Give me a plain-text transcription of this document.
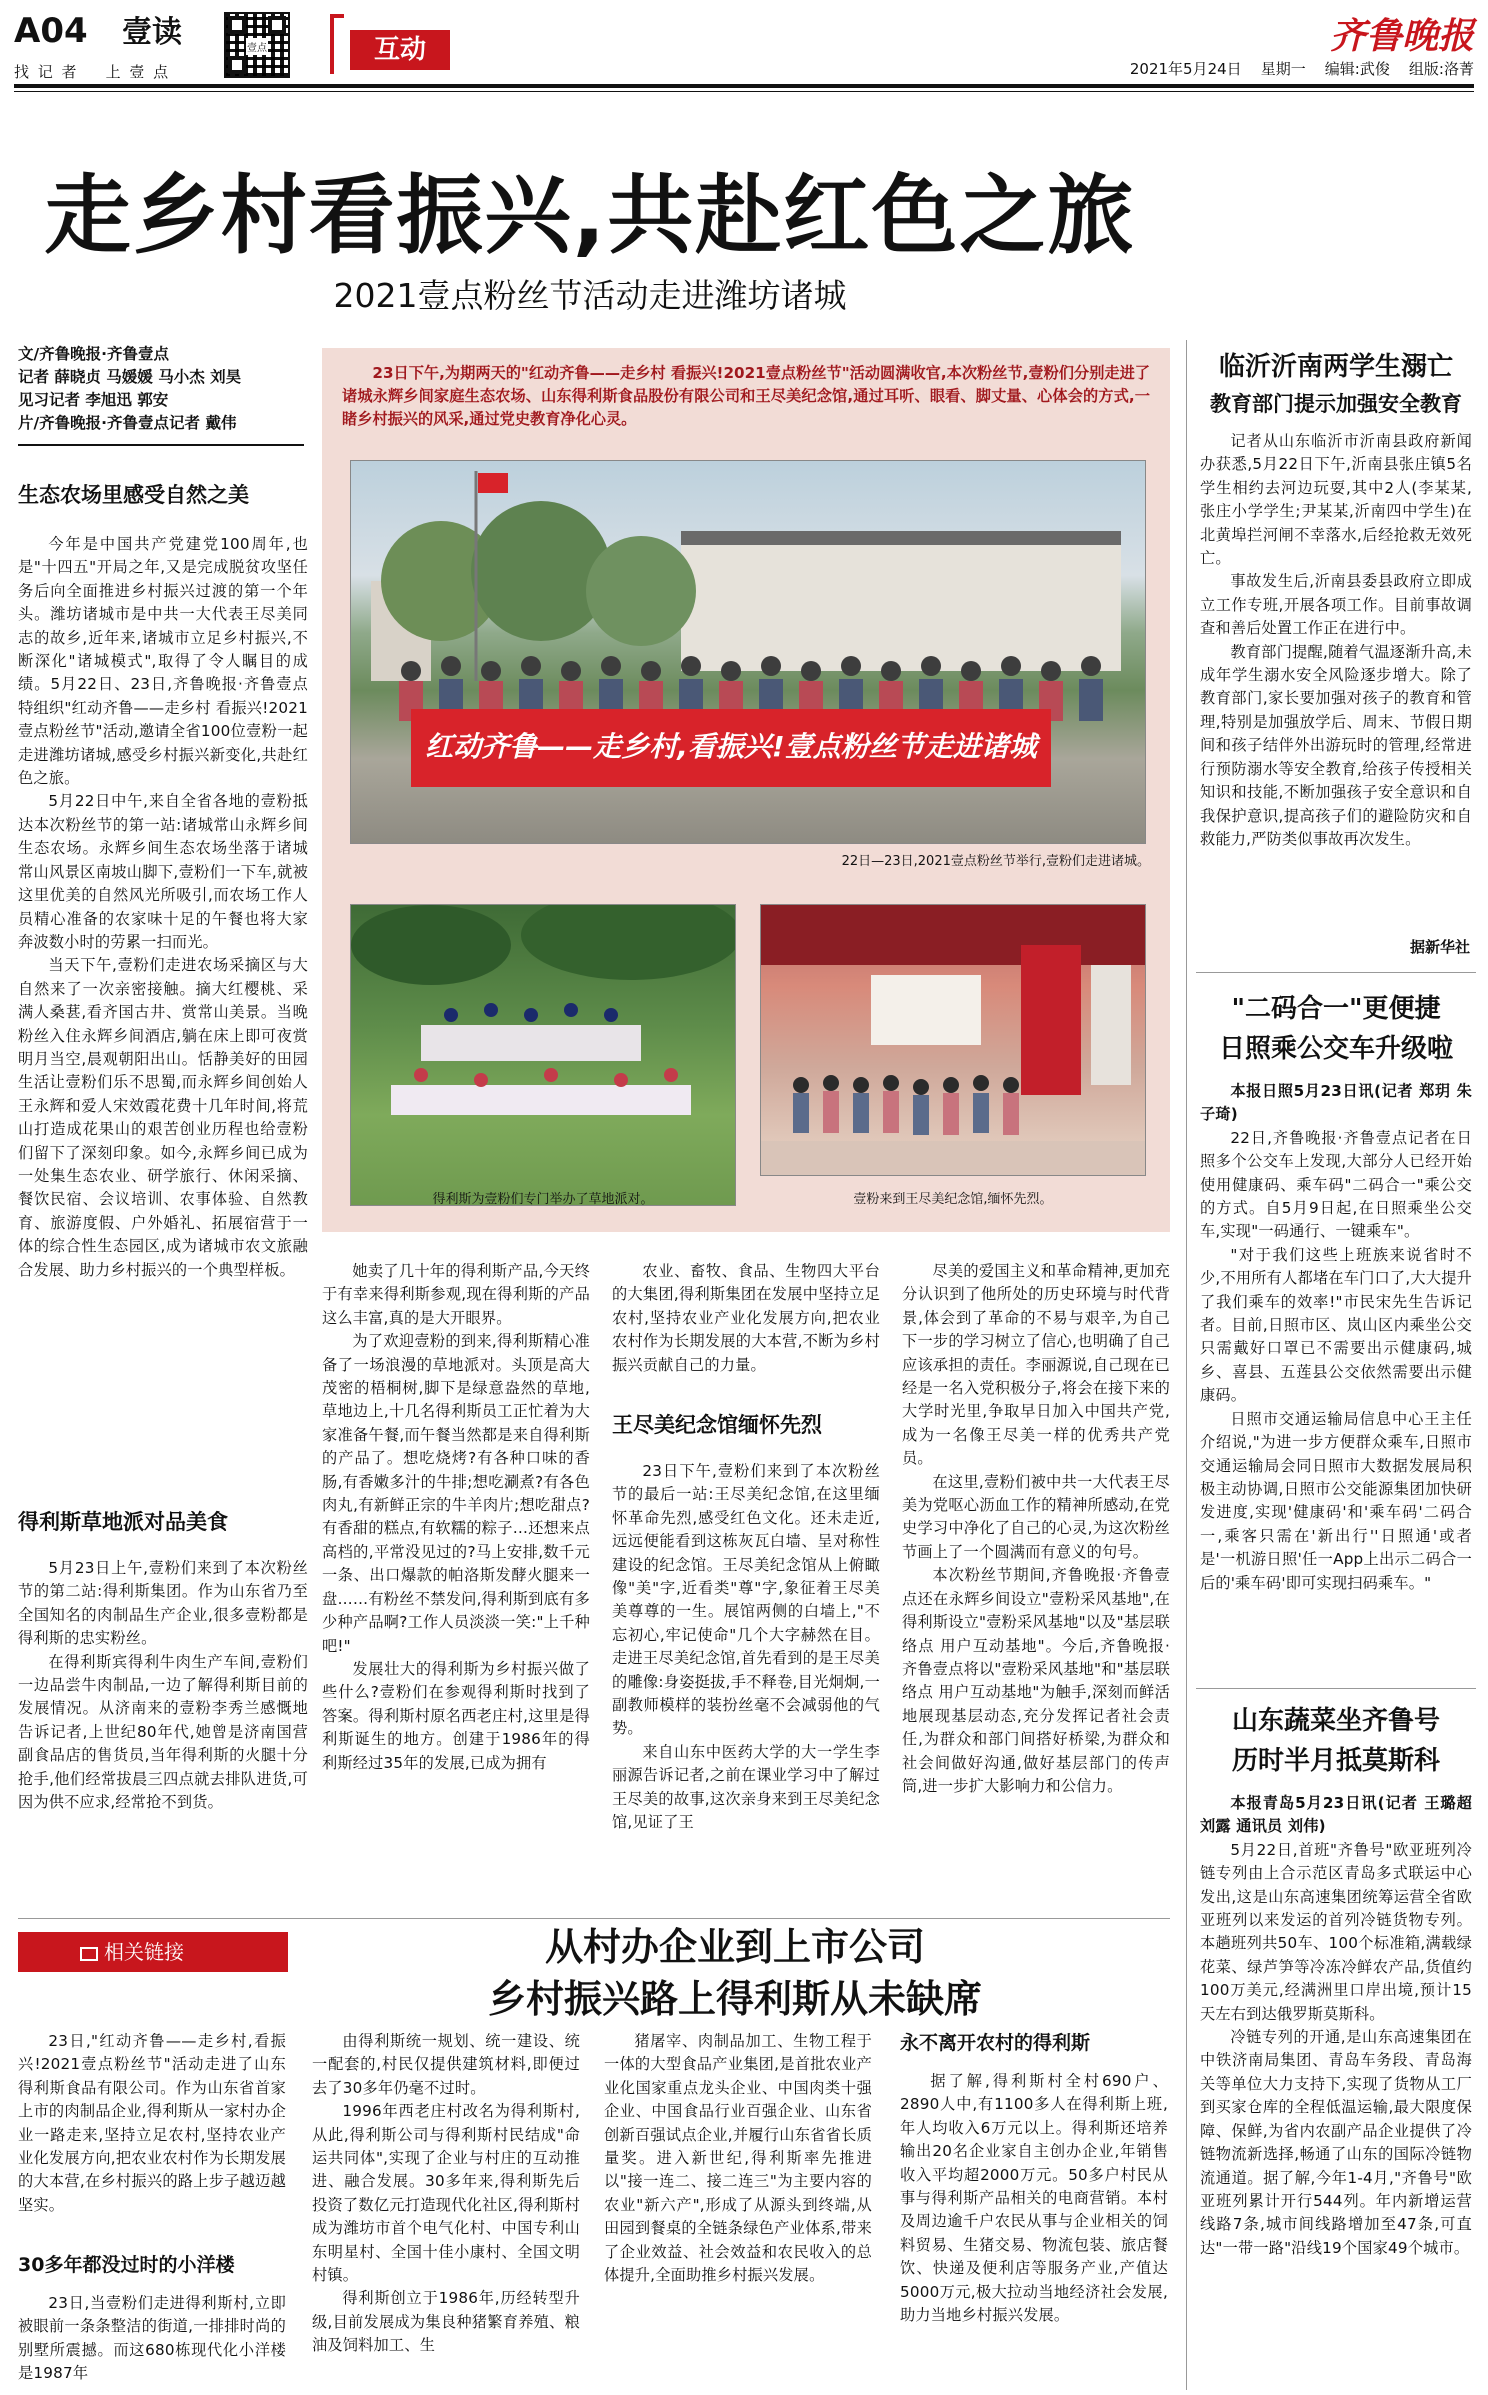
A04 壹读
找 记 者    上 壹 点
壹点	互动	齐鲁晚报
2021年5月24日    星期一    编辑:武俊    组版:洛菁
走乡村看振兴,共赴红色之旅
2021壹点粉丝节活动走进潍坊诸城
文/齐鲁晚报·齐鲁壹点
记者 薛晓贞 马媛媛 马小杰 刘昊
见习记者 李旭迅 郭安
片/齐鲁晚报·齐鲁壹点记者 戴伟
生态农场里感受自然之美

今年是中国共产党建党100周年,也是"十四五"开局之年,又是完成脱贫攻坚任务后向全面推进乡村振兴过渡的第一个年头。潍坊诸城市是中共一大代表王尽美同志的故乡,近年来,诸城市立足乡村振兴,不断深化"诸城模式",取得了令人瞩目的成绩。5月22日、23日,齐鲁晚报·齐鲁壹点特组织"红动齐鲁——走乡村 看振兴!2021壹点粉丝节"活动,邀请全省100位壹粉一起走进潍坊诸城,感受乡村振兴新变化,共赴红色之旅。

5月22日中午,来自全省各地的壹粉抵达本次粉丝节的第一站:诸城常山永辉乡间生态农场。永辉乡间生态农场坐落于诸城常山风景区南坡山脚下,壹粉们一下车,就被这里优美的自然风光所吸引,而农场工作人员精心准备的农家味十足的午餐也将大家奔波数小时的劳累一扫而光。

当天下午,壹粉们走进农场采摘区与大自然来了一次亲密接触。摘大红樱桃、采满人桑葚,看齐国古井、赏常山美景。当晚粉丝入住永辉乡间酒店,躺在床上即可夜赏明月当空,晨观朝阳出山。恬静美好的田园生活让壹粉们乐不思蜀,而永辉乡间创始人王永辉和爱人宋效霞花费十几年时间,将荒山打造成花果山的艰苦创业历程也给壹粉们留下了深刻印象。如今,永辉乡间已成为一处集生态农业、研学旅行、休闲采摘、餐饮民宿、会议培训、农事体验、自然教育、旅游度假、户外婚礼、拓展宿营于一体的综合性生态园区,成为诸城市农文旅融合发展、助力乡村振兴的一个典型样板。

得利斯草地派对品美食

5月23日上午,壹粉们来到了本次粉丝节的第二站:得利斯集团。作为山东省乃至全国知名的肉制品生产企业,很多壹粉都是得利斯的忠实粉丝。

在得利斯宾得利牛肉生产车间,壹粉们一边品尝牛肉制品,一边了解得利斯目前的发展情况。从济南来的壹粉李秀兰感慨地告诉记者,上世纪80年代,她曾是济南国营副食品店的售货员,当年得利斯的火腿十分抢手,他们经常拔晨三四点就去排队进货,可因为供不应求,经常抢不到货。

23日下午,为期两天的"红动齐鲁——走乡村 看振兴!2021壹点粉丝节"活动圆满收官,本次粉丝节,壹粉们分别走进了诸城永辉乡间家庭生态农场、山东得利斯食品股份有限公司和王尽美纪念馆,通过耳听、眼看、脚丈量、心体会的方式,一睹乡村振兴的风采,通过党史教育净化心灵。
红动齐鲁——走乡村,看振兴!壹点粉丝节走进诸城
22日—23日,2021壹点粉丝节举行,壹粉们走进诸城。
得利斯为壹粉们专门举办了草地派对。	壹粉来到王尽美纪念馆,缅怀先烈。

她卖了几十年的得利斯产品,今天终于有幸来得利斯参观,现在得利斯的产品这么丰富,真的是大开眼界。

为了欢迎壹粉的到来,得利斯精心准备了一场浪漫的草地派对。头顶是高大茂密的梧桐树,脚下是绿意盎然的草地,草地边上,十几名得利斯员工正忙着为大家准备午餐,而午餐当然都是来自得利斯的产品了。想吃烧烤?有各种口味的香肠,有香嫩多汁的牛排;想吃涮煮?有各色肉丸,有新鲜正宗的牛羊肉片;想吃甜点?有香甜的糕点,有软糯的粽子…还想来点高档的,平常没见过的?马上安排,数千元一条、出口爆款的帕洛斯发酵火腿来一盘……有粉丝不禁发问,得利斯到底有多少种产品啊?工作人员淡淡一笑:"上千种吧!"

发展壮大的得利斯为乡村振兴做了些什么?壹粉们在参观得利斯时找到了答案。得利斯村原名西老庄村,这里是得利斯诞生的地方。创建于1986年的得利斯经过35年的发展,已成为拥有

农业、畜牧、食品、生物四大平台的大集团,得利斯集团在发展中坚持立足农村,坚持农业产业化发展方向,把农业农村作为长期发展的大本营,不断为乡村振兴贡献自己的力量。

王尽美纪念馆缅怀先烈

23日下午,壹粉们来到了本次粉丝节的最后一站:王尽美纪念馆,在这里缅怀革命先烈,感受红色文化。还未走近,远远便能看到这栋灰瓦白墙、呈对称性建设的纪念馆。王尽美纪念馆从上俯瞰像"美"字,近看类"尊"字,象征着王尽美美尊尊的一生。展馆两侧的白墙上,"不忘初心,牢记使命"几个大字赫然在目。走进王尽美纪念馆,首先看到的是王尽美的雕像:身姿挺拔,手不释卷,目光炯炯,一副教师模样的装扮丝毫不会减弱他的气势。

来自山东中医药大学的大一学生李丽源告诉记者,之前在课业学习中了解过王尽美的故事,这次亲身来到王尽美纪念馆,见证了王

尽美的爱国主义和革命精神,更加充分认识到了他所处的历史环境与时代背景,体会到了革命的不易与艰辛,为自己下一步的学习树立了信心,也明确了自己应该承担的责任。李丽源说,自己现在已经是一名入党积极分子,将会在接下来的大学时光里,争取早日加入中国共产党,成为一名像王尽美一样的优秀共产党员。

在这里,壹粉们被中共一大代表王尽美为党呕心沥血工作的精神所感动,在党史学习中净化了自己的心灵,为这次粉丝节画上了一个圆满而有意义的句号。

本次粉丝节期间,齐鲁晚报·齐鲁壹点还在永辉乡间设立"壹粉采风基地",在得利斯设立"壹粉采风基地"以及"基层联络点 用户互动基地"。今后,齐鲁晚报·齐鲁壹点将以"壹粉采风基地"和"基层联络点 用户互动基地"为触手,深刻而鲜活地展现基层动态,充分发挥记者社会责任,为群众和部门间搭好桥梁,为群众和社会间做好沟通,做好基层部门的传声筒,进一步扩大影响力和公信力。

相关链接	从村办企业到上市公司
乡村振兴路上得利斯从未缺席

23日,"红动齐鲁——走乡村,看振兴!2021壹点粉丝节"活动走进了山东得利斯食品有限公司。作为山东省首家上市的肉制品企业,得利斯从一家村办企业一路走来,坚持立足农村,坚持农业产业化发展方向,把农业农村作为长期发展的大本营,在乡村振兴的路上步子越迈越坚实。

30多年都没过时的小洋楼

23日,当壹粉们走进得利斯村,立即被眼前一条条整洁的街道,一排排时尚的别墅所震撼。而这680栋现代化小洋楼是1987年

由得利斯统一规划、统一建设、统一配套的,村民仅提供建筑材料,即便过去了30多年仍毫不过时。

1996年西老庄村改名为得利斯村,从此,得利斯公司与得利斯村民结成"命运共同体",实现了企业与村庄的互动推进、融合发展。30多年来,得利斯先后投资了数亿元打造现代化社区,得利斯村成为潍坊市首个电气化村、中国专利山东明星村、全国十佳小康村、全国文明村镇。

得利斯创立于1986年,历经转型升级,目前发展成为集良种猪繁育养殖、粮油及饲料加工、生

猪屠宰、肉制品加工、生物工程于一体的大型食品产业集团,是首批农业产业化国家重点龙头企业、中国肉类十强企业、中国食品行业百强企业、山东省创新百强试点企业,并履行山东省省长质量奖。进入新世纪,得利斯率先推进以"接一连二、接二连三"为主要内容的农业"新六产",形成了从源头到终端,从田园到餐桌的全链条绿色产业体系,带来了企业效益、社会效益和农民收入的总体提升,全面助推乡村振兴发展。

永不离开农村的得利斯

据了解,得利斯村全村690户、2890人中,有1100多人在得利斯上班,年人均收入6万元以上。得利斯还培养输出20名企业家自主创办企业,年销售收入平均超2000万元。50多户村民从事与得利斯产品相关的电商营销。本村及周边逾千户农民从事与企业相关的饲料贸易、生猪交易、物流包装、旅店餐饮、快递及便利店等服务产业,产值达5000万元,极大拉动当地经济社会发展,助力当地乡村振兴发展。

临沂沂南两学生溺亡
教育部门提示加强安全教育

记者从山东临沂市沂南县政府新闻办获悉,5月22日下午,沂南县张庄镇5名学生相约去河边玩耍,其中2人(李某某,张庄小学学生;尹某某,沂南四中学生)在北黄埠拦河闸不幸落水,后经抢救无效死亡。

事故发生后,沂南县委县政府立即成立工作专班,开展各项工作。目前事故调查和善后处置工作正在进行中。

教育部门提醒,随着气温逐渐升高,未成年学生溺水安全风险逐步增大。除了教育部门,家长要加强对孩子的教育和管理,特别是加强放学后、周末、节假日期间和孩子结伴外出游玩时的管理,经常进行预防溺水等安全教育,给孩子传授相关知识和技能,不断加强孩子安全意识和自我保护意识,提高孩子们的避险防灾和自救能力,严防类似事故再次发生。

据新华社
"二码合一"更便捷
日照乘公交车升级啦

本报日照5月23日讯(记者 郑玥 朱子琦)

22日,齐鲁晚报·齐鲁壹点记者在日照多个公交车上发现,大部分人已经开始使用健康码、乘车码"二码合一"乘公交的方式。自5月9日起,在日照乘坐公交车,实现"一码通行、一键乘车"。

"对于我们这些上班族来说省时不少,不用所有人都堵在车门口了,大大提升了我们乘车的效率!"市民宋先生告诉记者。目前,日照市区、岚山区内乘坐公交只需戴好口罩已不需要出示健康码,城乡、喜县、五莲县公交依然需要出示健康码。

日照市交通运输局信息中心王主任介绍说,"为进一步方便群众乘车,日照市交通运输局会同日照市大数据发展局积极主动协调,日照市公交能源集团加快研发进度,实现'健康码'和'乘车码'二码合一,乘客只需在'新出行''日照通'或者是'一机游日照'任一App上出示二码合一后的'乘车码'即可实现扫码乘车。"

山东蔬菜坐齐鲁号
历时半月抵莫斯科

本报青岛5月23日讯(记者 王璐超 刘露 通讯员 刘伟)

5月22日,首班"齐鲁号"欧亚班列冷链专列由上合示范区青岛多式联运中心发出,这是山东高速集团统筹运营全省欧亚班列以来发运的首列冷链货物专列。本趟班列共50车、100个标准箱,满载绿花菜、绿芦笋等冷冻冷鲜农产品,货值约100万美元,经满洲里口岸出境,预计15天左右到达俄罗斯莫斯科。

冷链专列的开通,是山东高速集团在中铁济南局集团、青岛车务段、青岛海关等单位大力支持下,实现了货物从工厂到买家仓库的全程低温运输,最大限度保障、保鲜,为省内农副产品企业提供了冷链物流新选择,畅通了山东的国际冷链物流通道。据了解,今年1-4月,"齐鲁号"欧亚班列累计开行544列。年内新增运营线路7条,城市间线路增加至47条,可直达"一带一路"沿线19个国家49个城市。
